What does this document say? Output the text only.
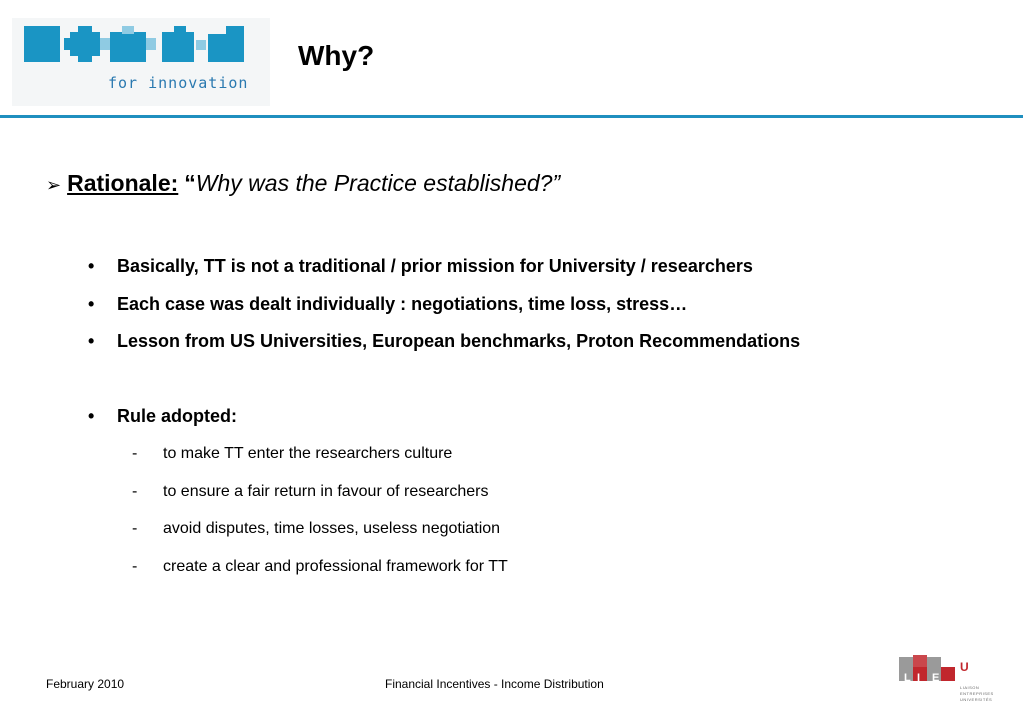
for innovation
Why?
➢ Rationale: “Why was the Practice established?”
• Basically, TT is not a traditional / prior mission for University / researchers
• Each case was dealt individually : negotiations, time loss, stress…
• Lesson from US Universities, European benchmarks, Proton Recommendations
• Rule adopted:
- to make TT enter the researchers culture
- to ensure a fair return in favour of researchers
- avoid disputes, time losses, useless negotiation
- create a clear and professional framework for TT
February 2010	Financial Incentives - Income Distribution	L I E
U
LIAISON
ENTREPRISES
UNIVERSITÉS
